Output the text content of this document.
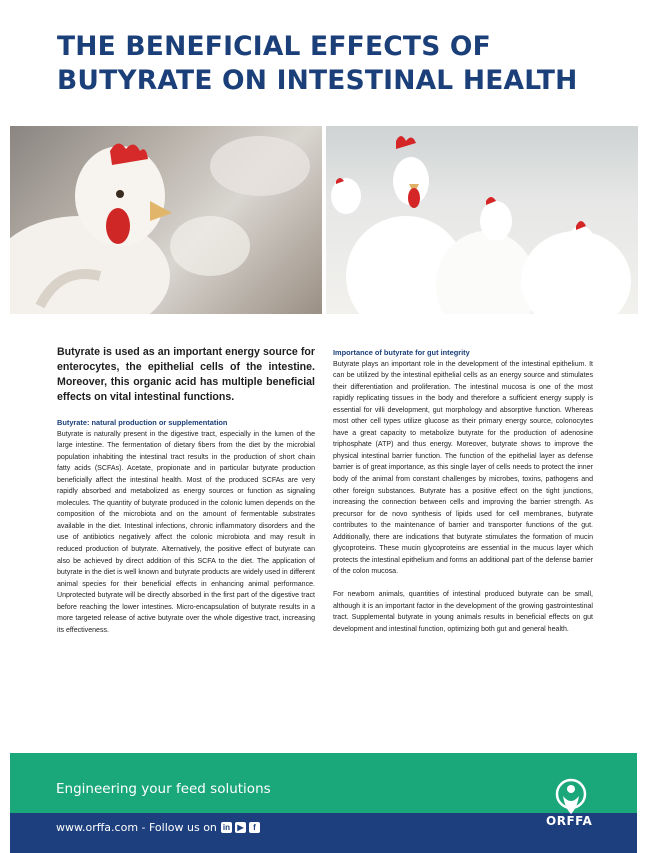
THE BENEFICIAL EFFECTS OF
BUTYRATE ON INTESTINAL HEALTH

Butyrate is used as an important energy source for enterocytes, the epithelial cells of the intestine. Moreover, this organic acid has multiple beneficial effects on vital intestinal functions.

Butyrate: natural production or supplementation

Butyrate is naturally present in the digestive tract, especially in the lumen of the large intestine. The fermentation of dietary fibers from the diet by the microbial population inhabiting the intestinal tract results in the production of short chain fatty acids (SCFAs). Acetate, propionate and in particular butyrate production beneficially affect the intestinal health. Most of the produced SCFAs are very rapidly absorbed and metabolized as energy sources or function as signaling molecules. The quantity of butyrate produced in the colonic lumen depends on the composition of the microbiota and on the amount of fermentable substrates available in the diet. Intestinal infections, chronic inflammatory disorders and the use of antibiotics negatively affect the colonic microbiota and may result in reduced production of butyrate. Alternatively, the positive effect of butyrate can also be achieved by direct addition of this SCFA to the diet. The application of butyrate in the diet is well known and butyrate products are widely used in different animal species for their beneficial effects in enhancing animal performance. Unprotected butyrate will be directly absorbed in the first part of the digestive tract before reaching the lower intestines. Micro-encapsulation of butyrate results in a more targeted release of active butyrate over the whole digestive tract, increasing its effectiveness.

Importance of butyrate for gut integrity

Butyrate plays an important role in the development of the intestinal epithelium. It can be utilized by the intestinal epithelial cells as an energy source and stimulates their differentiation and proliferation. The intestinal mucosa is one of the most rapidly replicating tissues in the body and therefore a sufficient energy supply is essential for villi development, gut morphology and absorptive function. Whereas most other cell types utilize glucose as their primary energy source, colonocytes have a great capacity to metabolize butyrate for the production of adenosine triphosphate (ATP) and thus energy. Moreover, butyrate shows to improve the physical intestinal barrier function. The function of the epithelial layer as defense barrier is of great importance, as this single layer of cells needs to protect the inner body of the animal from constant challenges by microbes, toxins, pathogens and other foreign substances. Butyrate has a positive effect on the tight junctions, increasing the connection between cells and improving the barrier strength. As precursor for de novo synthesis of lipids used for cell membranes, butyrate contributes to the maintenance of barrier and transporter functions of the gut. Additionally, there are indications that butyrate stimulates the formation of mucin glycoproteins. These mucin glycoproteins are essential in the mucus layer which protects the intestinal epithelium and forms an additional part of the defense barrier of the colon mucosa.

For newborn animals, quantities of intestinal produced butyrate can be small, although it is an important factor in the development of the growing gastrointestinal tract. Supplemental butyrate in young animals results in beneficial effects on gut development and intestinal function, optimizing both gut and general health.

Engineering your feed solutions
www.orffa.com - Follow us on in ▶	f	ORFFA
